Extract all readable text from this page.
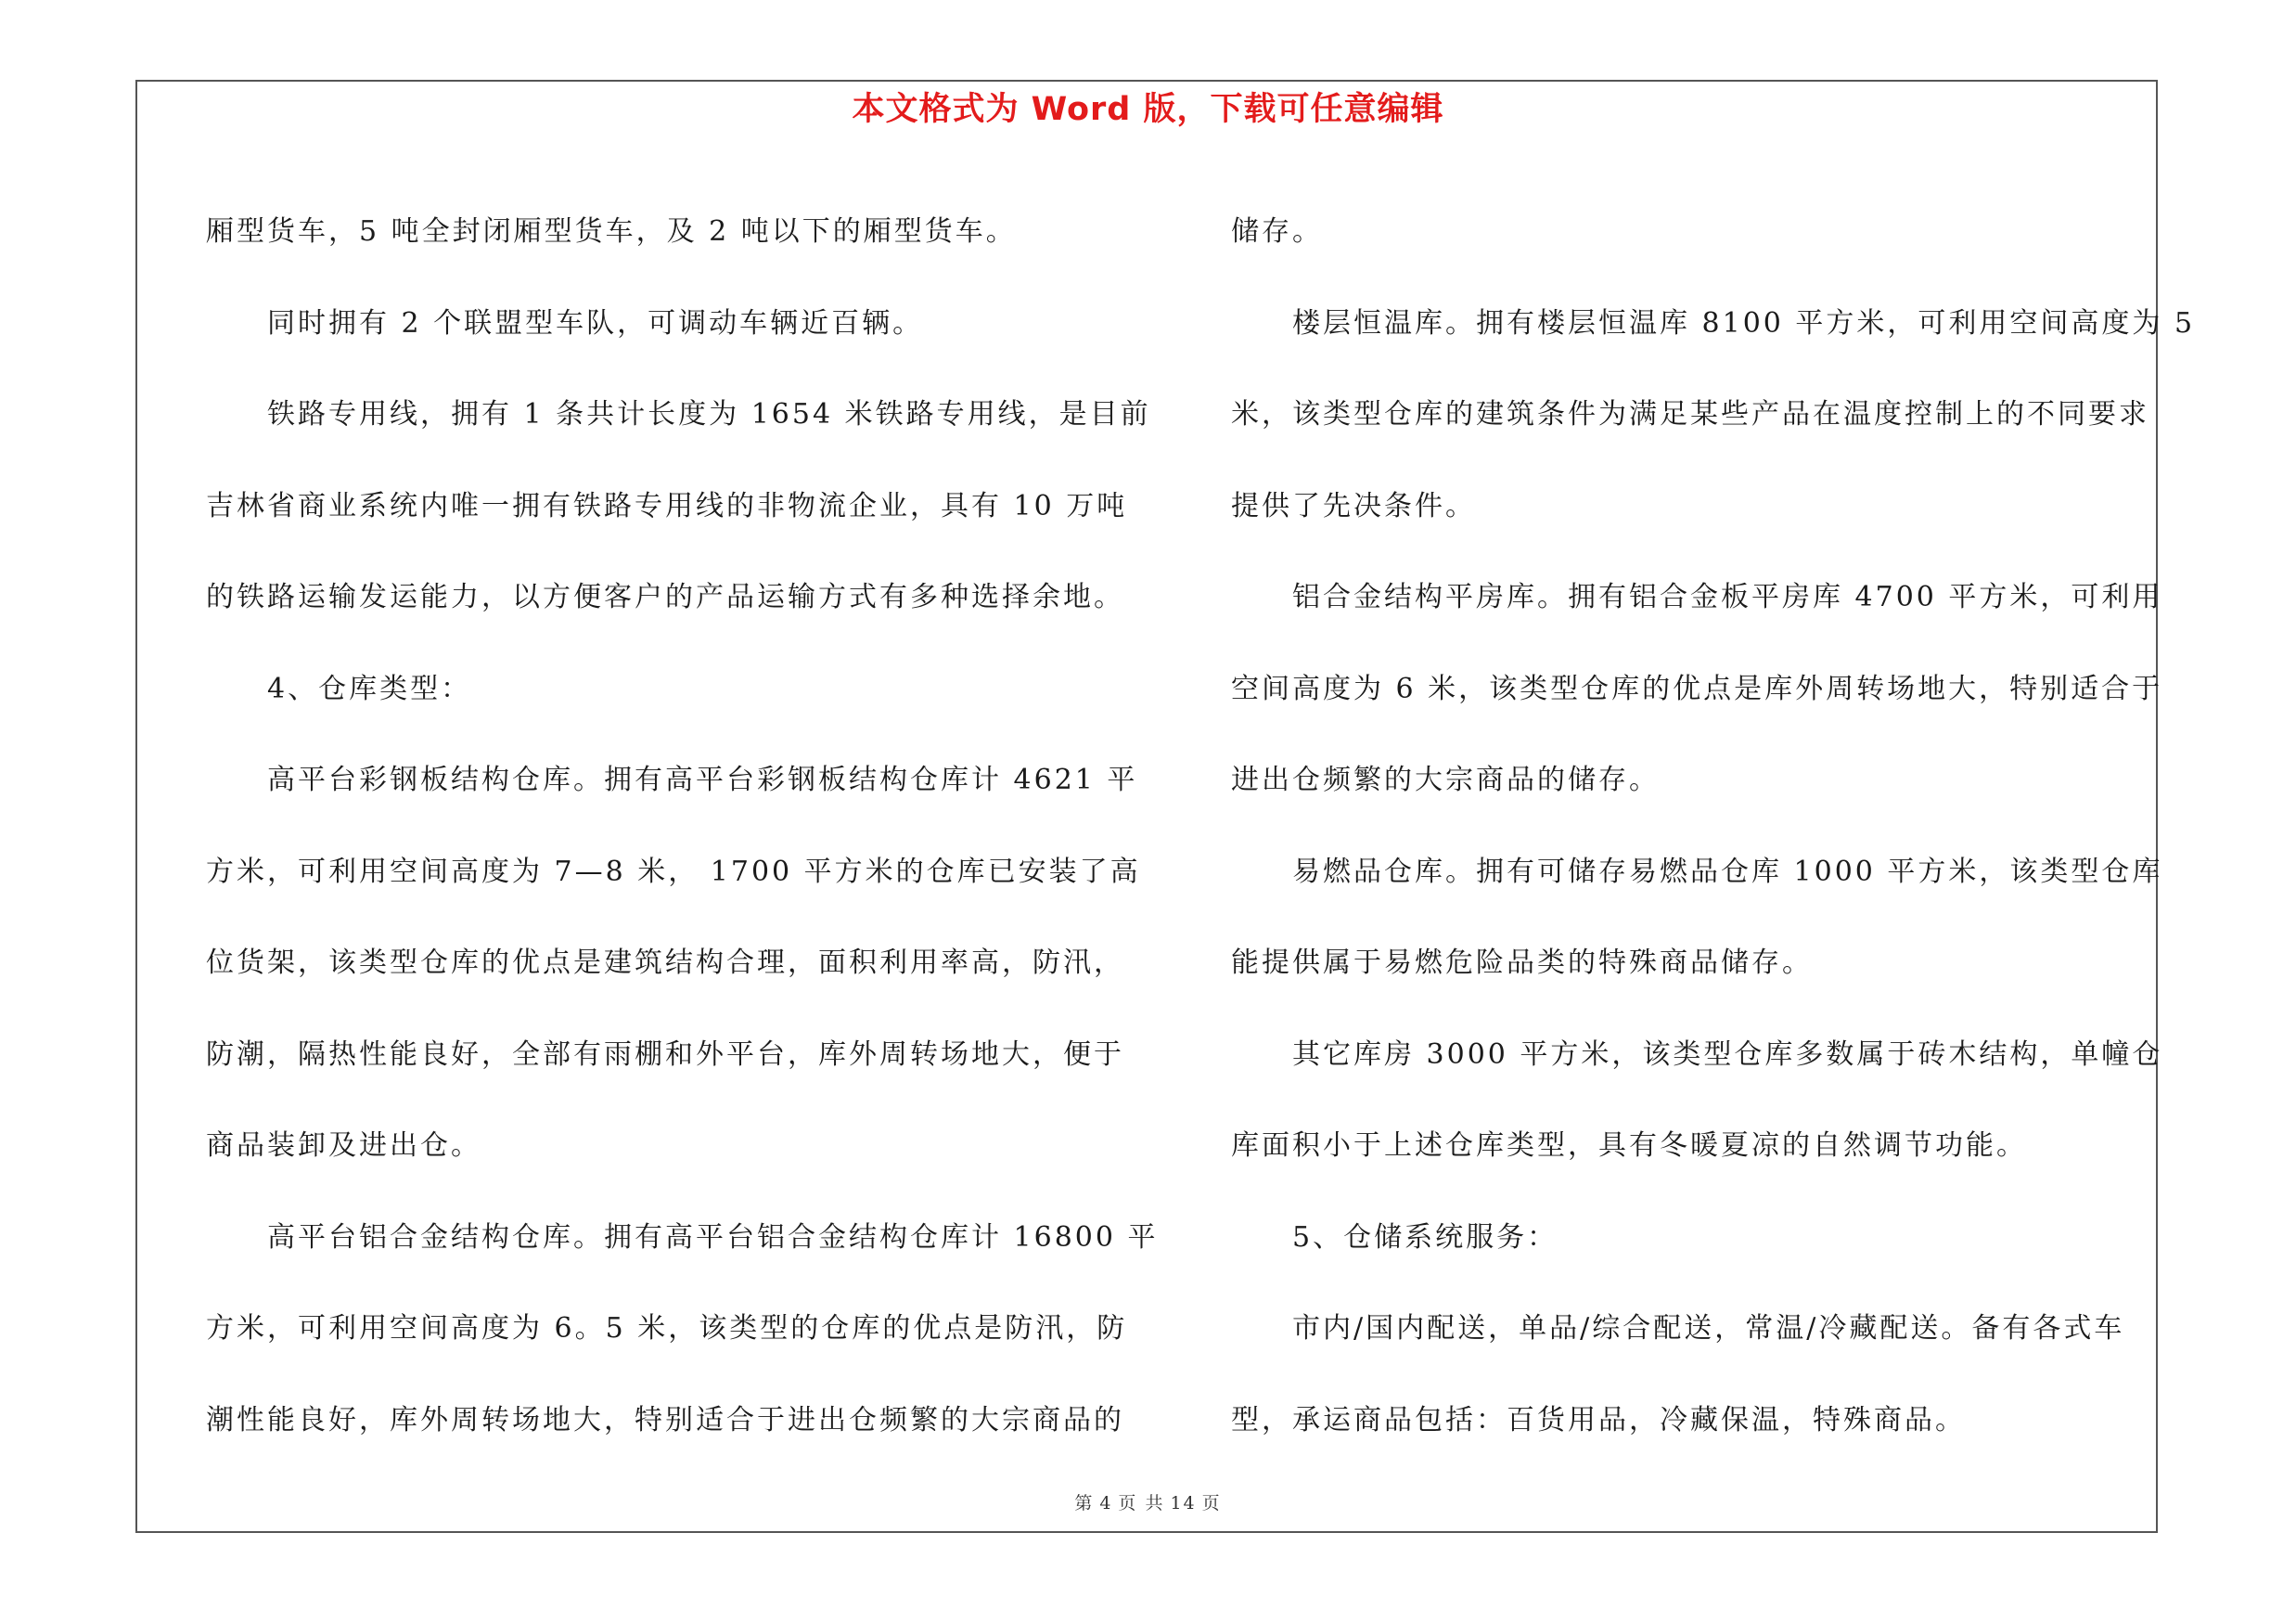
本文格式为 Word 版，下载可任意编辑

厢型货车，5 吨全封闭厢型货车，及 2 吨以下的厢型货车。

同时拥有 2 个联盟型车队，可调动车辆近百辆。

铁路专用线，拥有 1 条共计长度为 1654 米铁路专用线，是目前

吉林省商业系统内唯一拥有铁路专用线的非物流企业，具有 10 万吨

的铁路运输发运能力，以方便客户的产品运输方式有多种选择余地。

4、仓库类型：

高平台彩钢板结构仓库。拥有高平台彩钢板结构仓库计 4621 平

方米，可利用空间高度为 7—8 米， 1700 平方米的仓库已安装了高

位货架，该类型仓库的优点是建筑结构合理，面积利用率高，防汛，

防潮，隔热性能良好，全部有雨棚和外平台，库外周转场地大，便于

商品装卸及进出仓。

高平台铝合金结构仓库。拥有高平台铝合金结构仓库计 16800 平

方米，可利用空间高度为 6。5 米，该类型的仓库的优点是防汛，防

潮性能良好，库外周转场地大，特别适合于进出仓频繁的大宗商品的

储存。

楼层恒温库。拥有楼层恒温库 8100 平方米，可利用空间高度为 5

米，该类型仓库的建筑条件为满足某些产品在温度控制上的不同要求

提供了先决条件。

铝合金结构平房库。拥有铝合金板平房库 4700 平方米，可利用

空间高度为 6 米，该类型仓库的优点是库外周转场地大，特别适合于

进出仓频繁的大宗商品的储存。

易燃品仓库。拥有可储存易燃品仓库 1000 平方米，该类型仓库

能提供属于易燃危险品类的特殊商品储存。

其它库房 3000 平方米，该类型仓库多数属于砖木结构，单幢仓

库面积小于上述仓库类型，具有冬暖夏凉的自然调节功能。

5、仓储系统服务：

市内/国内配送，单品/综合配送，常温/冷藏配送。备有各式车

型，承运商品包括：百货用品，冷藏保温，特殊商品。

第 4 页 共 14 页
